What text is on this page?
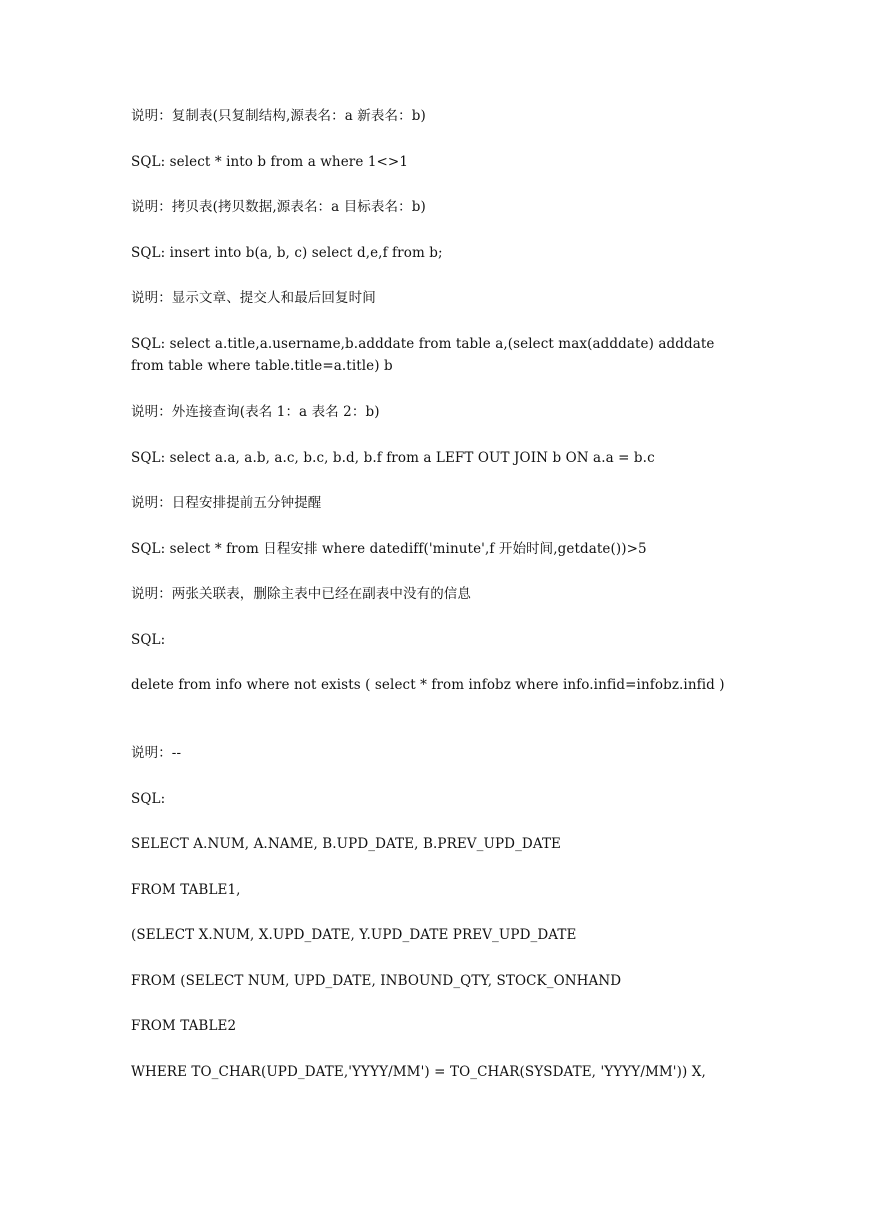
说明：复制表(只复制结构,源表名：a 新表名：b)
SQL: select * into b from a where 1<>1
说明：拷贝表(拷贝数据,源表名：a 目标表名：b)
SQL: insert into b(a, b, c) select d,e,f from b;
说明：显示文章、提交人和最后回复时间
SQL: select a.title,a.username,b.adddate from table a,(select max(adddate) adddate from table where table.title=a.title) b
说明：外连接查询(表名 1：a 表名 2：b)
SQL: select a.a, a.b, a.c, b.c, b.d, b.f from a LEFT OUT JOIN b ON a.a = b.c
说明：日程安排提前五分钟提醒
SQL: select * from 日程安排 where datediff('minute',f 开始时间,getdate())>5
说明：两张关联表，删除主表中已经在副表中没有的信息
SQL:
delete from info where not exists ( select * from infobz where info.infid=infobz.infid )
说明：--
SQL:
SELECT A.NUM, A.NAME, B.UPD_DATE, B.PREV_UPD_DATE
FROM TABLE1,
(SELECT X.NUM, X.UPD_DATE, Y.UPD_DATE PREV_UPD_DATE
FROM (SELECT NUM, UPD_DATE, INBOUND_QTY, STOCK_ONHAND
FROM TABLE2
WHERE TO_CHAR(UPD_DATE,'YYYY/MM') = TO_CHAR(SYSDATE, 'YYYY/MM')) X,
